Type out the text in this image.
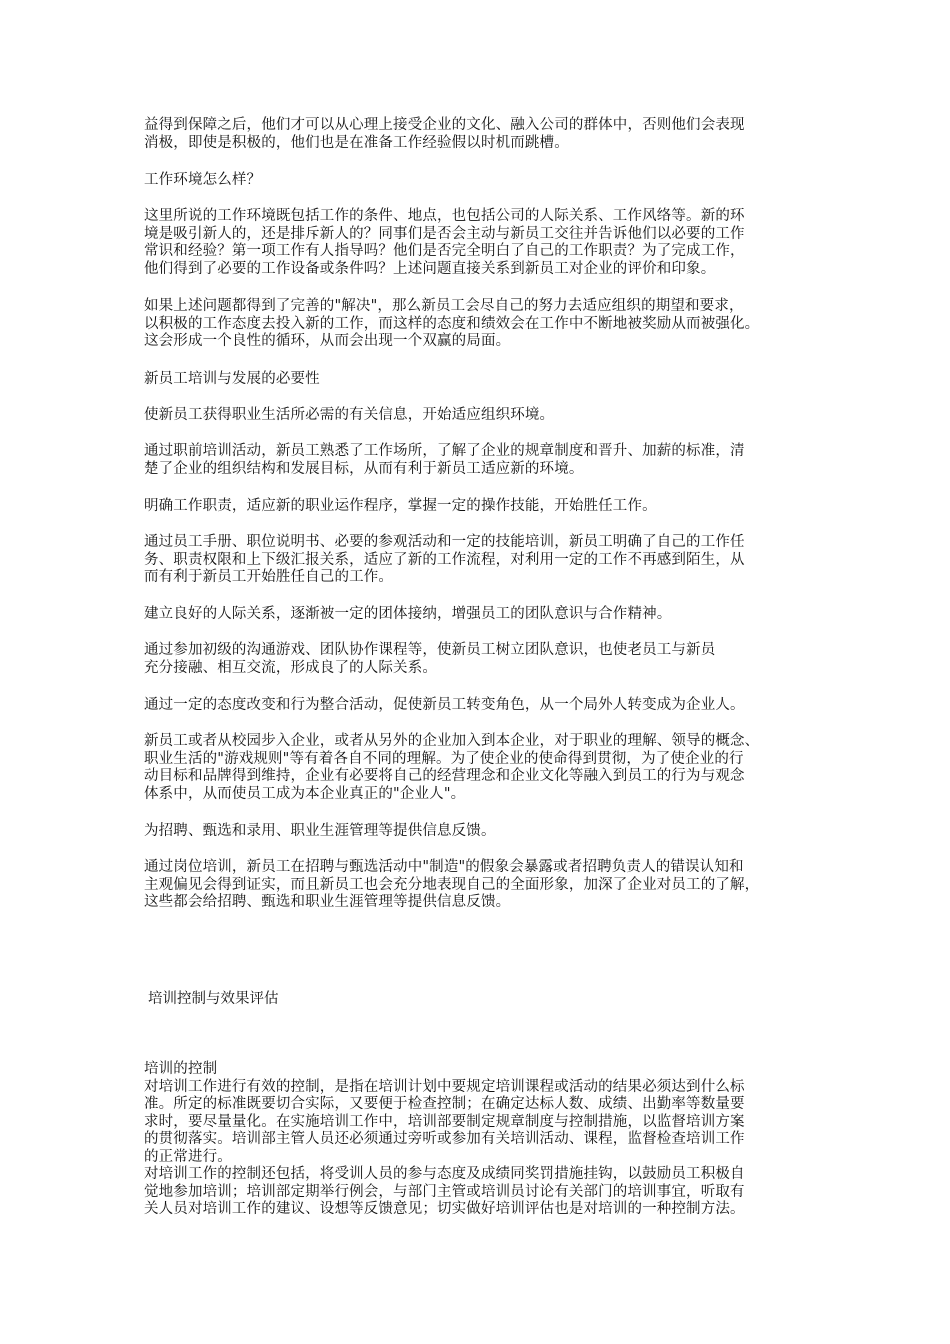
益得到保障之后，他们才可以从心理上接受企业的文化、融入公司的群体中，否则他们会表现
消极，即使是积极的，他们也是在准备工作经验假以时机而跳槽。

工作环境怎么样？

这里所说的工作环境既包括工作的条件、地点，也包括公司的人际关系、工作风络等。新的环
境是吸引新人的，还是排斥新人的？同事们是否会主动与新员工交往并告诉他们以必要的工作
常识和经验？第一项工作有人指导吗？他们是否完全明白了自己的工作职责？为了完成工作，
他们得到了必要的工作设备或条件吗？上述问题直接关系到新员工对企业的评价和印象。

如果上述问题都得到了完善的"解决"，那么新员工会尽自己的努力去适应组织的期望和要求，
以积极的工作态度去投入新的工作，而这样的态度和绩效会在工作中不断地被奖励从而被强化。
这会形成一个良性的循环，从而会出现一个双赢的局面。

新员工培训与发展的必要性

使新员工获得职业生活所必需的有关信息，开始适应组织环境。

通过职前培训活动，新员工熟悉了工作场所，了解了企业的规章制度和晋升、加薪的标准，清
楚了企业的组织结构和发展目标，从而有利于新员工适应新的环境。

明确工作职责，适应新的职业运作程序，掌握一定的操作技能，开始胜任工作。

通过员工手册、职位说明书、必要的参观活动和一定的技能培训，新员工明确了自己的工作任
务、职责权限和上下级汇报关系，适应了新的工作流程，对利用一定的工作不再感到陌生，从
而有利于新员工开始胜任自己的工作。

建立良好的人际关系，逐渐被一定的团体接纳，增强员工的团队意识与合作精神。

通过参加初级的沟通游戏、团队协作课程等，使新员工树立团队意识，也使老员工与新员
充分接融、相互交流，形成良了的人际关系。

通过一定的态度改变和行为整合活动，促使新员工转变角色，从一个局外人转变成为企业人。

新员工或者从校园步入企业，或者从另外的企业加入到本企业，对于职业的理解、领导的概念、
职业生活的"游戏规则"等有着各自不同的理解。为了使企业的使命得到贯彻，为了使企业的行
动目标和品牌得到维持，企业有必要将自己的经营理念和企业文化等融入到员工的行为与观念
体系中，从而使员工成为本企业真正的"企业人"。

为招聘、甄选和录用、职业生涯管理等提供信息反馈。

通过岗位培训，新员工在招聘与甄选活动中"制造"的假象会暴露或者招聘负责人的错误认知和
主观偏见会得到证实，而且新员工也会充分地表现自己的全面形象，加深了企业对员工的了解，
这些都会给招聘、甄选和职业生涯管理等提供信息反馈。

培训控制与效果评估

培训的控制
对培训工作进行有效的控制，是指在培训计划中要规定培训课程或活动的结果必须达到什么标
准。所定的标准既要切合实际，又要便于检查控制；在确定达标人数、成绩、出勤率等数量要
求时，要尽量量化。在实施培训工作中，培训部要制定规章制度与控制措施，以监督培训方案
的贯彻落实。培训部主管人员还必须通过旁听或参加有关培训活动、课程，监督检查培训工作
的正常进行。
对培训工作的控制还包括，将受训人员的参与态度及成绩同奖罚措施挂钩，以鼓励员工积极自
觉地参加培训；培训部定期举行例会，与部门主管或培训员讨论有关部门的培训事宜，听取有
关人员对培训工作的建议、设想等反馈意见；切实做好培训评估也是对培训的一种控制方法。
